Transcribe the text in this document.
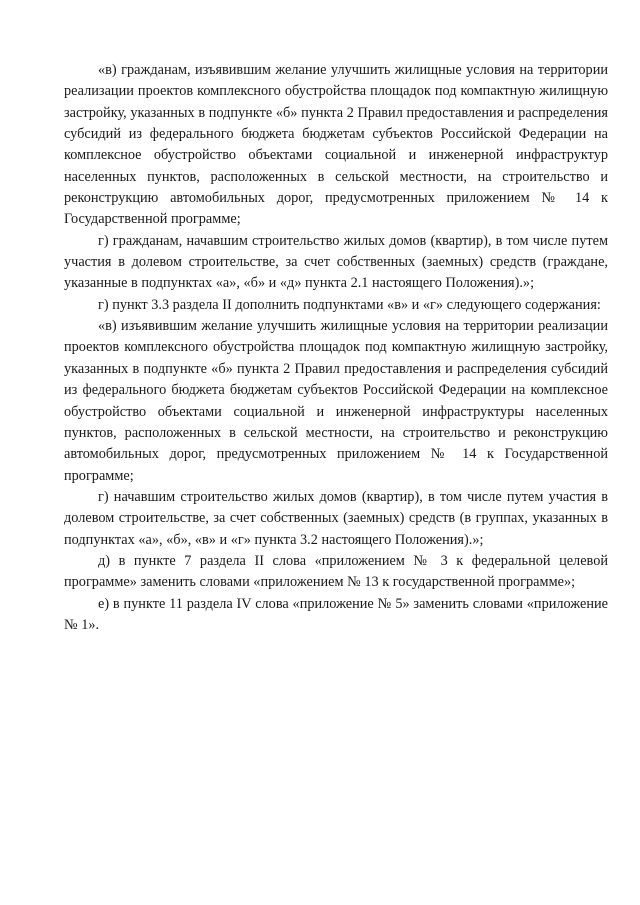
«в) гражданам, изъявившим желание улучшить жилищные условия на территории реализации проектов комплексного обустройства площадок под компактную жилищную застройку, указанных в подпункте «б» пункта 2 Правил предоставления и распределения субсидий из федерального бюджета бюджетам субъектов Российской Федерации на комплексное обустройство объектами социальной и инженерной инфраструктур населенных пунктов, расположенных в сельской местности, на строительство и реконструкцию автомобильных дорог, предусмотренных приложением № 14 к Государственной программе;

г) гражданам, начавшим строительство жилых домов (квартир), в том числе путем участия в долевом строительстве, за счет собственных (заемных) средств (граждане, указанные в подпунктах «а», «б» и «д» пункта 2.1 настоящего Положения).»;

г) пункт 3.3 раздела II дополнить подпунктами «в» и «г» следующего содержания:

«в) изъявившим желание улучшить жилищные условия на территории реализации проектов комплексного обустройства площадок под компактную жилищную застройку, указанных в подпункте «б» пункта 2 Правил предоставления и распределения субсидий из федерального бюджета бюджетам субъектов Российской Федерации на комплексное обустройство объектами социальной и инженерной инфраструктуры населенных пунктов, расположенных в сельской местности, на строительство и реконструкцию автомобильных дорог, предусмотренных приложением № 14 к Государственной программе;

г) начавшим строительство жилых домов (квартир), в том числе путем участия в долевом строительстве, за счет собственных (заемных) средств (в группах, указанных в подпунктах «а», «б», «в» и «г» пункта 3.2 настоящего Положения).»;

д) в пункте 7 раздела II слова «приложением № 3 к федеральной целевой программе» заменить словами «приложением № 13 к государственной программе»;

е) в пункте 11 раздела IV слова «приложение № 5» заменить словами «приложение № 1».
